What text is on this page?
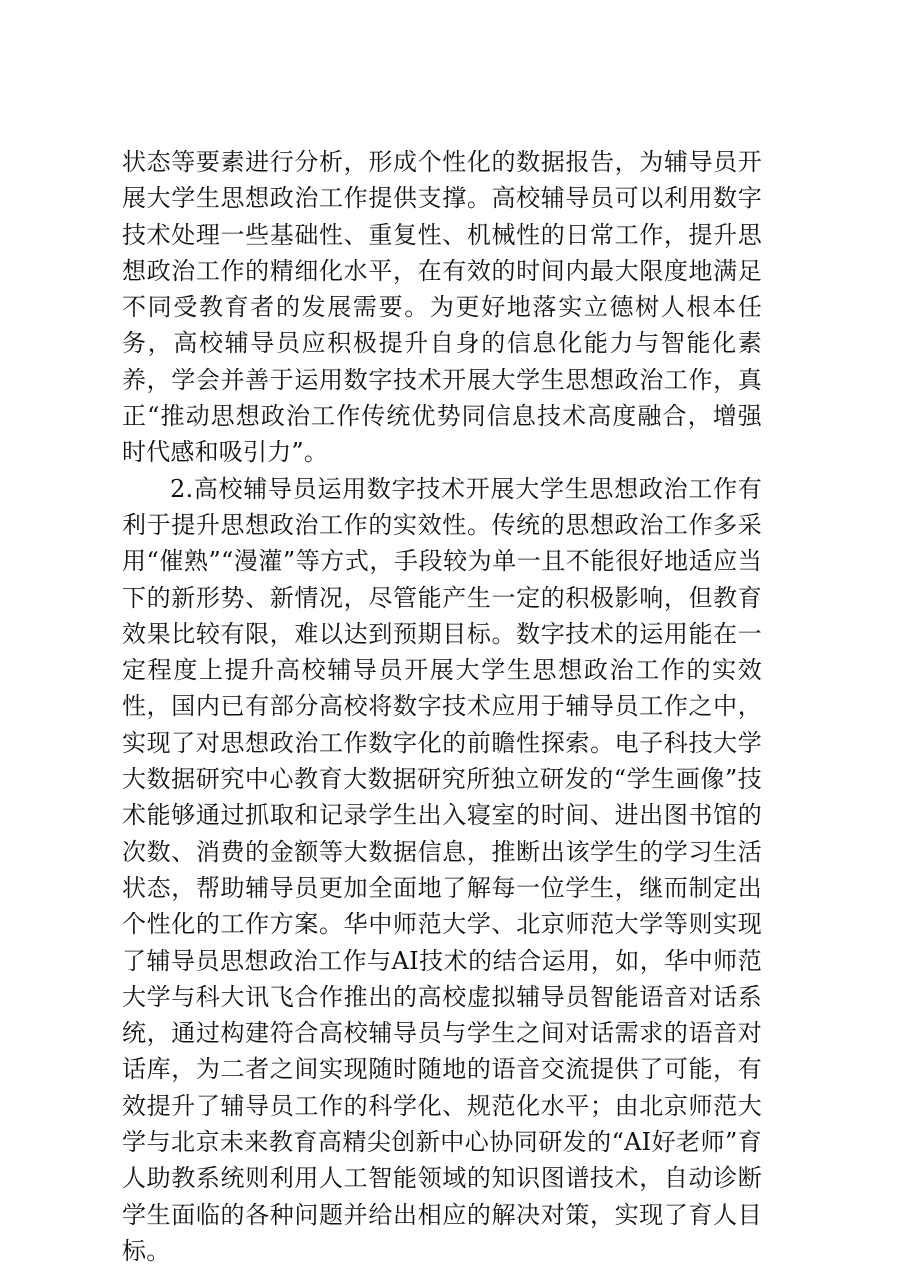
状态等要素进行分析，形成个性化的数据报告，为辅导员开展大学生思想政治工作提供支撑。高校辅导员可以利用数字技术处理一些基础性、重复性、机械性的日常工作，提升思想政治工作的精细化水平，在有效的时间内最大限度地满足不同受教育者的发展需要。为更好地落实立德树人根本任务，高校辅导员应积极提升自身的信息化能力与智能化素养，学会并善于运用数字技术开展大学生思想政治工作，真正“推动思想政治工作传统优势同信息技术高度融合，增强时代感和吸引力”。

2.高校辅导员运用数字技术开展大学生思想政治工作有利于提升思想政治工作的实效性。传统的思想政治工作多采用“催熟”“漫灌”等方式，手段较为单一且不能很好地适应当下的新形势、新情况，尽管能产生一定的积极影响，但教育效果比较有限，难以达到预期目标。数字技术的运用能在一定程度上提升高校辅导员开展大学生思想政治工作的实效性，国内已有部分高校将数字技术应用于辅导员工作之中，实现了对思想政治工作数字化的前瞻性探索。电子科技大学大数据研究中心教育大数据研究所独立研发的“学生画像”技术能够通过抓取和记录学生出入寝室的时间、进出图书馆的次数、消费的金额等大数据信息，推断出该学生的学习生活状态，帮助辅导员更加全面地了解每一位学生，继而制定出个性化的工作方案。华中师范大学、北京师范大学等则实现了辅导员思想政治工作与AI技术的结合运用，如，华中师范大学与科大讯飞合作推出的高校虚拟辅导员智能语音对话系统，通过构建符合高校辅导员与学生之间对话需求的语音对话库，为二者之间实现随时随地的语音交流提供了可能，有效提升了辅导员工作的科学化、规范化水平；由北京师范大学与北京未来教育高精尖创新中心协同研发的“AI好老师”育人助教系统则利用人工智能领域的知识图谱技术，自动诊断学生面临的各种问题并给出相应的解决对策，实现了育人目标。
